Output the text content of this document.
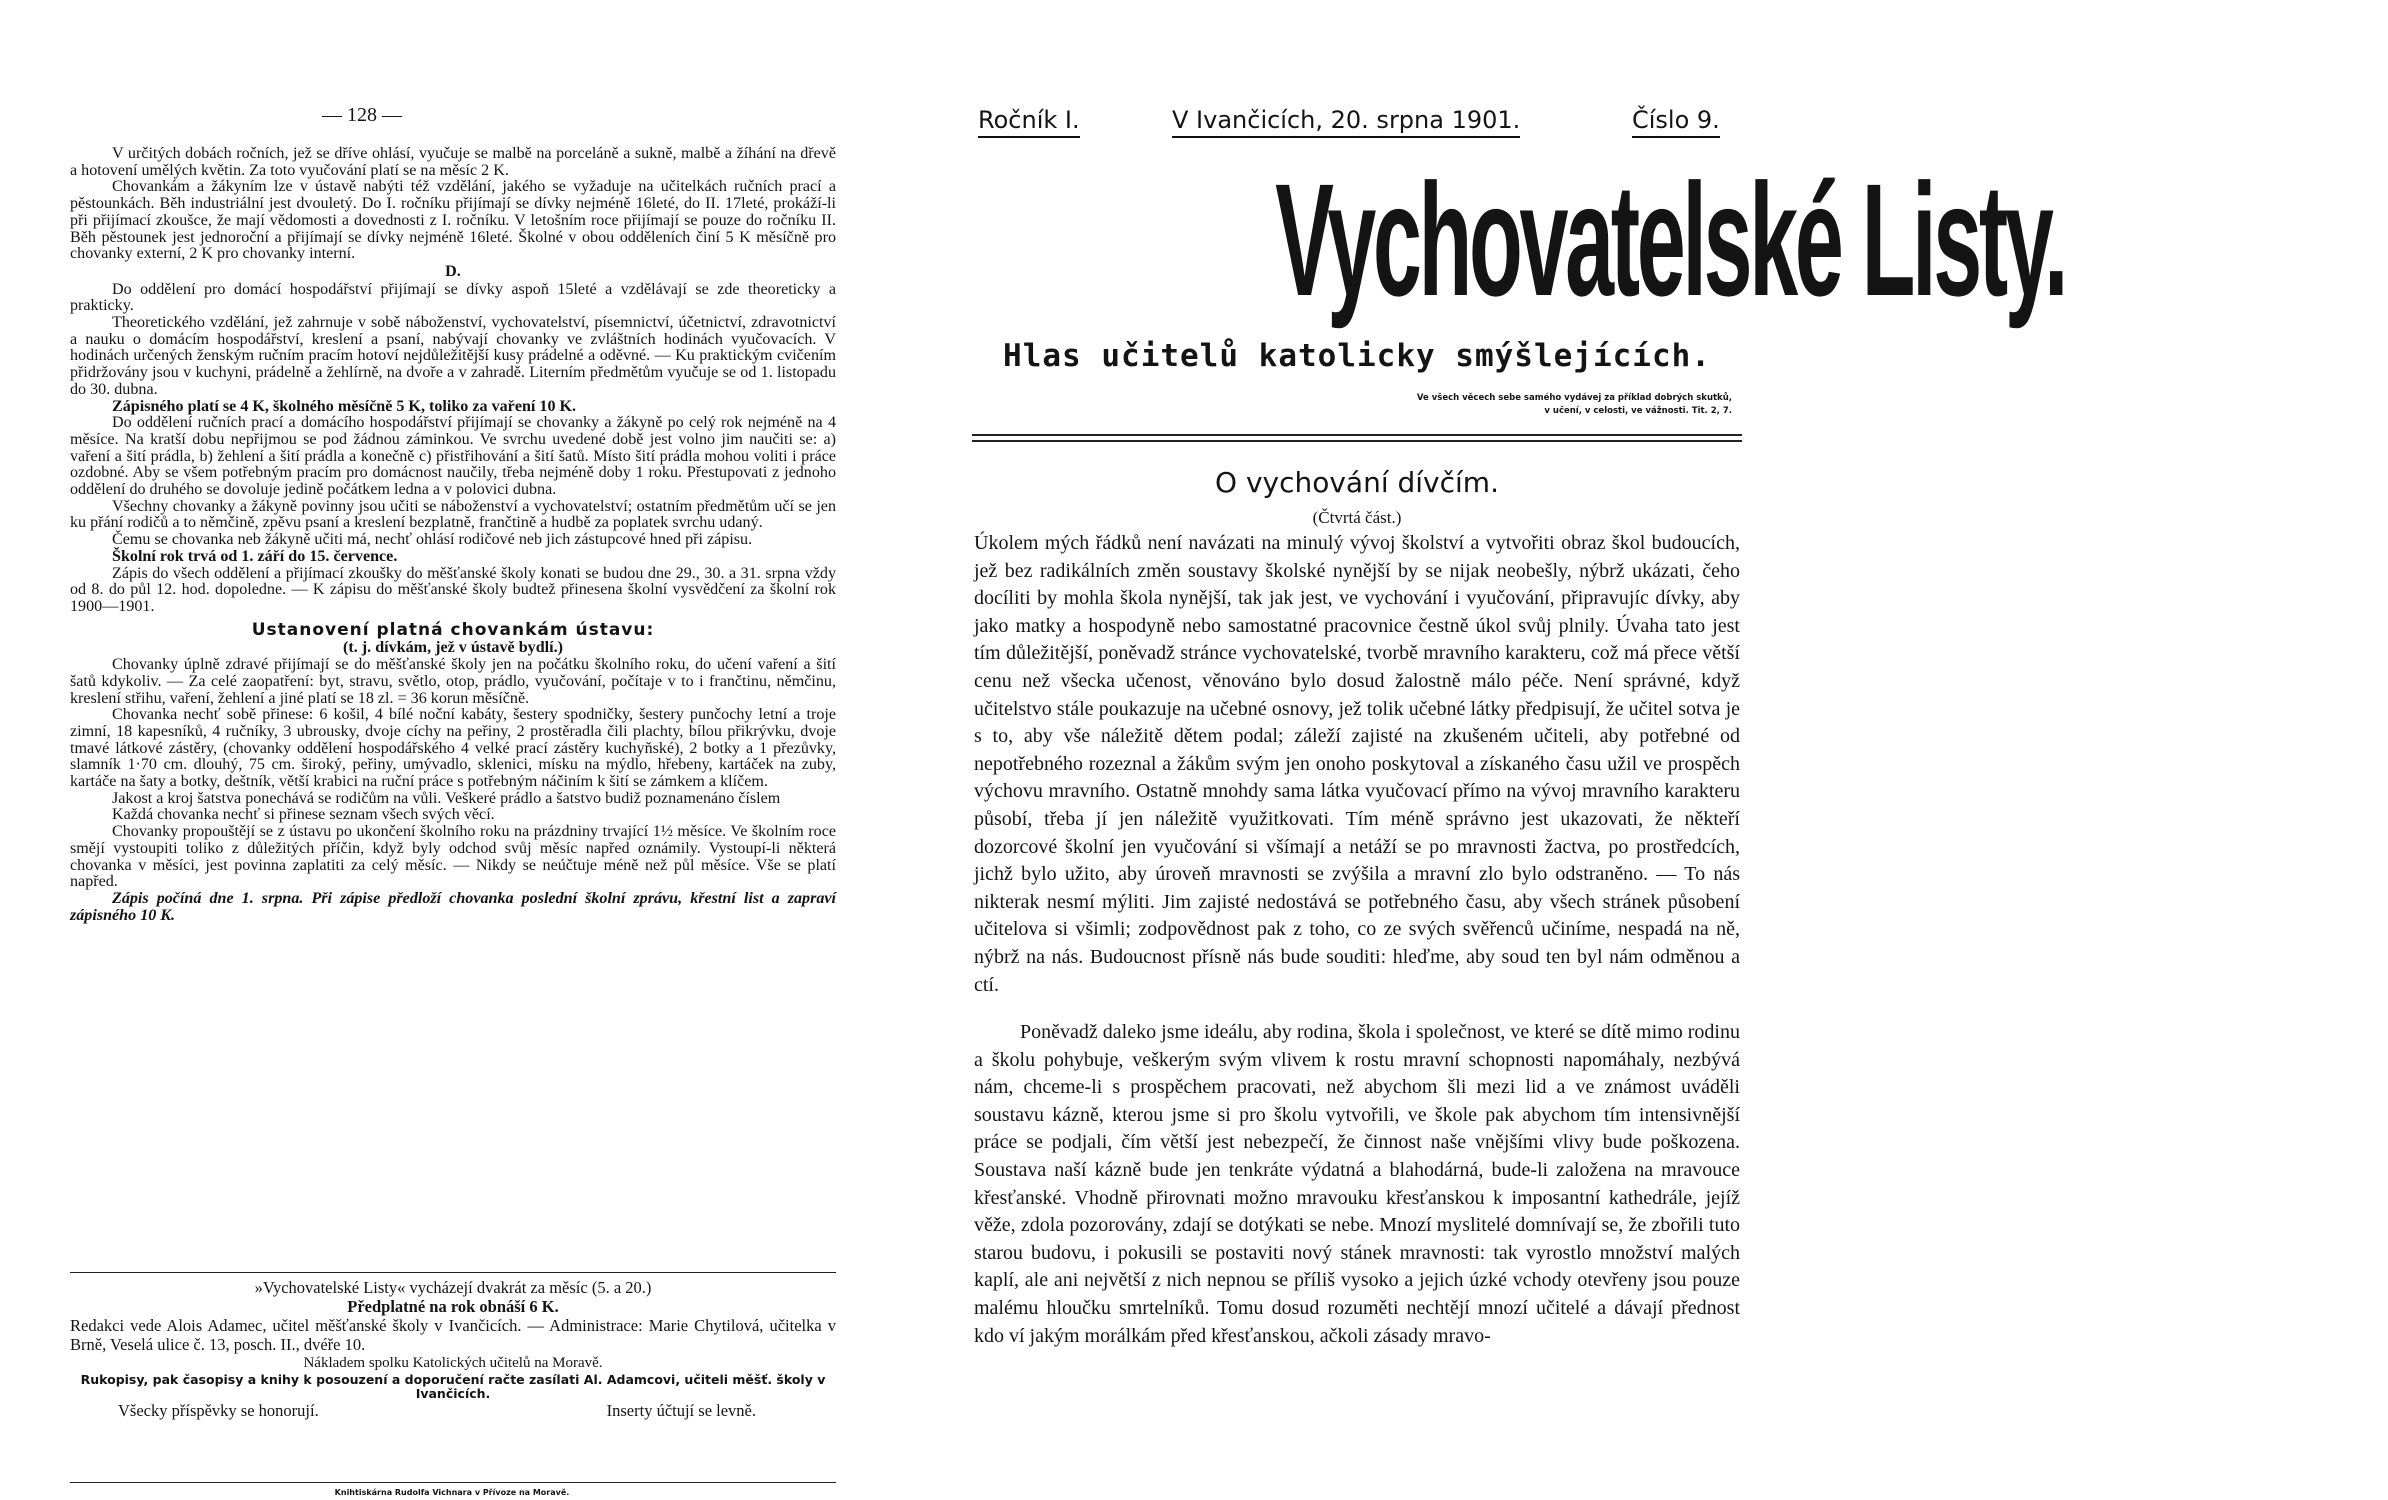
— 128 —

V určitých dobách ročních, jež se dříve ohlásí, vyučuje se malbě na porceláně a sukně, malbě a žíhání na dřevě a hotovení umělých květin. Za toto vyučování platí se na měsíc 2 K.

Chovankám a žákyním lze v ústavě nabýti též vzdělání, jakého se vyžaduje na učitelkách ručních prací a pěstounkách. Běh industriální jest dvouletý. Do I. ročníku přijímají se dívky nejméně 16leté, do II. 17leté, prokáží-li při přijímací zkoušce, že mají vědomosti a dovednosti z I. ročníku. V letošním roce přijímají se pouze do ročníku II. Běh pěstounek jest jednoroční a přijímají se dívky nejméně 16leté. Školné v obou odděleních činí 5 K měsíčně pro chovanky externí, 2 K pro chovanky interní.

D.

Do oddělení pro domácí hospodářství přijímají se dívky aspoň 15leté a vzdělávají se zde theoreticky a prakticky.

Theoretického vzdělání, jež zahrnuje v sobě náboženství, vychovatelství, písemnictví, účetnictví, zdravotnictví a nauku o domácím hospodářství, kreslení a psaní, nabývají chovanky ve zvláštních hodinách vyučovacích. V hodinách určených ženským ručním pracím hotoví nejdůležitější kusy prádelné a oděvné. — Ku praktickým cvičením přidržovány jsou v kuchyni, prádelně a žehlírně, na dvoře a v zahradě. Literním předmětům vyučuje se od 1. listopadu do 30. dubna.

Zápisného platí se 4 K, školného měsíčně 5 K, toliko za vaření 10 K.

Do oddělení ručních prací a domácího hospodářství přijímají se chovanky a žákyně po celý rok nejméně na 4 měsíce. Na kratší dobu nepřijmou se pod žádnou záminkou. Ve svrchu uvedené době jest volno jim naučiti se: a) vaření a šití prádla, b) žehlení a šití prádla a konečně c) přistřihování a šití šatů. Místo šití prádla mohou voliti i práce ozdobné. Aby se všem potřebným pracím pro domácnost naučily, třeba nejméně doby 1 roku. Přestupovati z jednoho oddělení do druhého se dovoluje jedině počátkem ledna a v polovici dubna.

Všechny chovanky a žákyně povinny jsou učiti se náboženství a vychovatelství; ostatním předmětům učí se jen ku přání rodičů a to němčině, zpěvu psaní a kreslení bezplatně, frančtině a hudbě za poplatek svrchu udaný.

Čemu se chovanka neb žákyně učiti má, nechť ohlásí rodičové neb jich zástupcové hned při zápisu.

Školní rok trvá od 1. září do 15. července.

Zápis do všech oddělení a přijímací zkoušky do měšťanské školy konati se budou dne 29., 30. a 31. srpna vždy od 8. do půl 12. hod. dopoledne. — K zápisu do měšťanské školy budtež přinesena školní vysvědčení za školní rok 1900—1901.

Ustanovení platná chovankám ústavu:

(t. j. dívkám, jež v ústavě bydlí.)

Chovanky úplně zdravé přijímají se do měšťanské školy jen na počátku školního roku, do učení vaření a šití šatů kdykoliv. — Za celé zaopatření: byt, stravu, světlo, otop, prádlo, vyučování, počítaje v to i frančtinu, němčinu, kreslení střihu, vaření, žehlení a jiné platí se 18 zl. = 36 korun měsíčně.

Chovanka nechť sobě přinese: 6 košil, 4 bílé noční kabáty, šestery spodničky, šestery punčochy letní a troje zimní, 18 kapesníků, 4 ručníky, 3 ubrousky, dvoje cíchy na peřiny, 2 prostěradla čili plachty, bílou přikrývku, dvoje tmavé látkové zástěry, (chovanky oddělení hospodářského 4 velké prací zástěry kuchyňské), 2 botky a 1 přezůvky, slamník 1·70 cm. dlouhý, 75 cm. široký, peřiny, umývadlo, sklenici, mísku na mýdlo, hřebeny, kartáček na zuby, kartáče na šaty a botky, deštník, větší krabici na ruční práce s potřebným náčiním k šití se zámkem a klíčem.

Jakost a kroj šatstva ponechává se rodičům na vůli. Veškeré prádlo a šatstvo budiž poznamenáno číslem

Každá chovanka nechť si přinese seznam všech svých věcí.

Chovanky propouštějí se z ústavu po ukončení školního roku na prázdniny trvající 1½ měsíce. Ve školním roce smějí vystoupiti toliko z důležitých příčin, když byly odchod svůj měsíc napřed oznámily. Vystoupí-li některá chovanka v měsíci, jest povinna zaplatiti za celý měsíc. — Nikdy se neúčtuje méně než půl měsíce. Vše se platí napřed.

Zápis počíná dne 1. srpna. Při zápise předloží chovanka poslední školní zprávu, křestní list a zapraví zápisného 10 K.

»Vychovatelské Listy« vycházejí dvakrát za měsíc (5. a 20.)

Předplatné na rok obnáší 6 K.

Redakci vede Alois Adamec, učitel měšťanské školy v Ivančicích. — Administrace: Marie Chytilová, učitelka v Brně, Veselá ulice č. 13, posch. II., dvéře 10.

Nákladem spolku Katolických učitelů na Moravě.

Rukopisy, pak časopisy a knihy k posouzení a doporučení račte zasílati Al. Adamcovi, učiteli měšť. školy v Ivančicích.

Všecky příspěvky se honorují.	Inserty účtují se levně.
Knihtiskárna Rudolfa Vichnara v Přívoze na Moravě.
Ročník I.	V Ivančicích, 20. srpna 1901.	Číslo 9.
Vychovatelské Listy.
Hlas učitelů katolicky smýšlejících.
Ve všech věcech sebe samého vydávej za příklad dobrých skutků,
v učení, v celosti, ve vážnosti. Tit. 2, 7.
O vychování dívčím.
(Čtvrtá část.)

Úkolem mých řádků není navázati na minulý vývoj školství a vytvořiti obraz škol budoucích, jež bez radikálních změn soustavy školské nynější by se nijak neobešly, nýbrž ukázati, čeho docíliti by mohla škola nynější, tak jak jest, ve vychování i vyučování, připravujíc dívky, aby jako matky a hospodyně nebo samostatné pracovnice čestně úkol svůj plnily. Úvaha tato jest tím důležitější, poněvadž stránce vychovatelské, tvorbě mravního karakteru, což má přece větší cenu než všecka učenost, věnováno bylo dosud žalostně málo péče. Není správné, když učitelstvo stále poukazuje na učebné osnovy, jež tolik učebné látky předpisují, že učitel sotva je s to, aby vše náležitě dětem podal; záleží zajisté na zkušeném učiteli, aby potřebné od nepotřebného rozeznal a žákům svým jen onoho poskytoval a získaného času užil ve prospěch výchovu mravního. Ostatně mnohdy sama látka vyučovací přímo na vývoj mravního karakteru působí, třeba jí jen náležitě využitkovati. Tím méně správno jest ukazovati, že někteří dozorcové školní jen vyučování si všímají a netáží se po mravnosti žactva, po prostředcích, jichž bylo užito, aby úroveň mravnosti se zvýšila a mravní zlo bylo odstraněno. — To nás nikterak nesmí mýliti. Jim zajisté nedostává se potřebného času, aby všech stránek působení učitelova si všimli; zodpovědnost pak z toho, co ze svých svěřenců učiníme, nespadá na ně, nýbrž na nás. Budoucnost přísně nás bude souditi: hleďme, aby soud ten byl nám odměnou a ctí.

Poněvadž daleko jsme ideálu, aby rodina, škola i společnost, ve které se dítě mimo rodinu a školu pohybuje, veškerým svým vlivem k rostu mravní schopnosti napomáhaly, nezbývá nám, chceme-li s prospěchem pracovati, než abychom šli mezi lid a ve známost uváděli soustavu kázně, kterou jsme si pro školu vytvořili, ve škole pak abychom tím intensivnější práce se podjali, čím větší jest nebezpečí, že činnost naše vnějšími vlivy bude poškozena. Soustava naší kázně bude jen tenkráte výdatná a blahodárná, bude-li založena na mravouce křesťanské. Vhodně přirovnati možno mravouku křesťanskou k imposantní kathedrále, jejíž věže, zdola pozorovány, zdají se dotýkati se nebe. Mnozí myslitelé domnívají se, že zbořili tuto starou budovu, i pokusili se postaviti nový stánek mravnosti: tak vyrostlo množství malých kaplí, ale ani největší z nich nepnou se příliš vysoko a jejich úzké vchody otevřeny jsou pouze malému hloučku smrtelníků. Tomu dosud rozuměti nechtějí mnozí učitelé a dávají přednost kdo ví jakým morálkám před křesťanskou, ačkoli zásady mravo-
